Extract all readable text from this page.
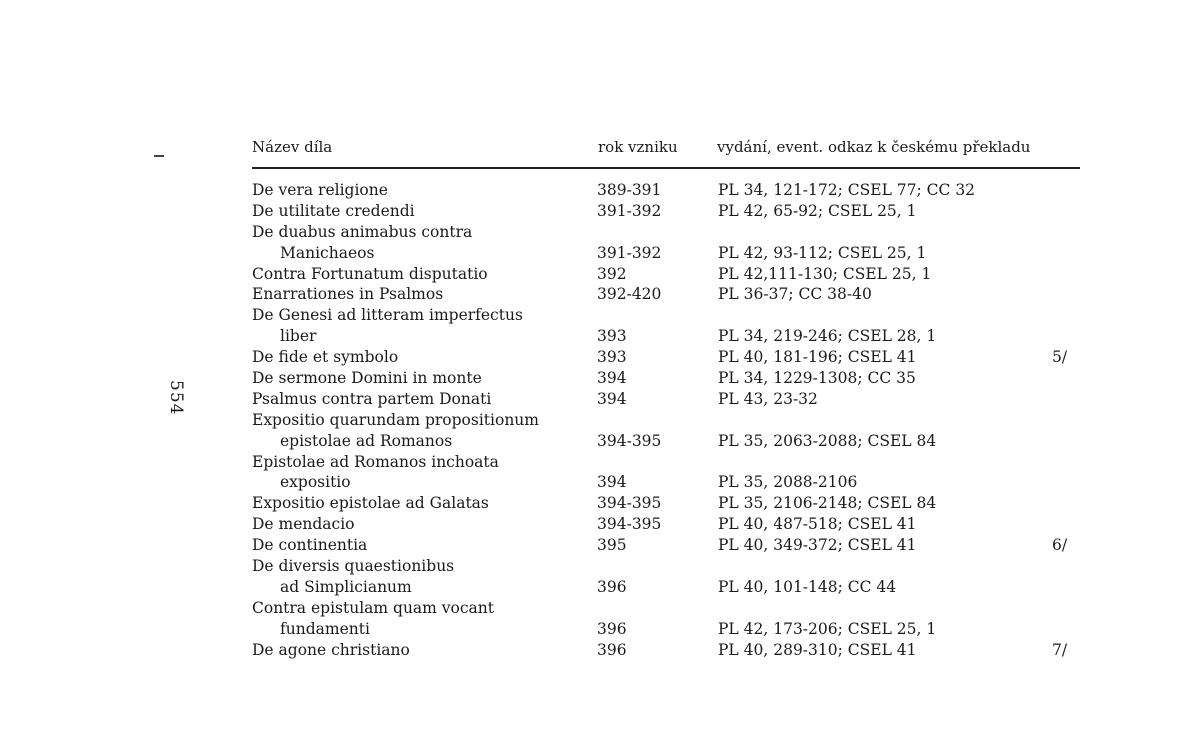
554
Název díla	rok vzniku	vydání, event. odkaz k českému překladu
De vera religione	389-391	PL 34, 121-172; CSEL 77; CC 32
De utilitate credendi	391-392	PL 42, 65-92; CSEL 25, 1
De duabus animabus contra
Manichaeos	391-392	PL 42, 93-112; CSEL 25, 1
Contra Fortunatum disputatio	392	PL 42,111-130; CSEL 25, 1
Enarrationes in Psalmos	392-420	PL 36-37; CC 38-40
De Genesi ad litteram imperfectus
liber	393	PL 34, 219-246; CSEL 28, 1
De fide et symbolo	393	PL 40, 181-196; CSEL 41	5/
De sermone Domini in monte	394	PL 34, 1229-1308; CC 35
Psalmus contra partem Donati	394	PL 43, 23-32
Expositio quarundam propositionum
epistolae ad Romanos	394-395	PL 35, 2063-2088; CSEL 84
Epistolae ad Romanos inchoata
expositio	394	PL 35, 2088-2106
Expositio epistolae ad Galatas	394-395	PL 35, 2106-2148; CSEL 84
De mendacio	394-395	PL 40, 487-518; CSEL 41
De continentia	395	PL 40, 349-372; CSEL 41	6/
De diversis quaestionibus
ad Simplicianum	396	PL 40, 101-148; CC 44
Contra epistulam quam vocant
fundamenti	396	PL 42, 173-206; CSEL 25, 1
De agone christiano	396	PL 40, 289-310; CSEL 41	7/
